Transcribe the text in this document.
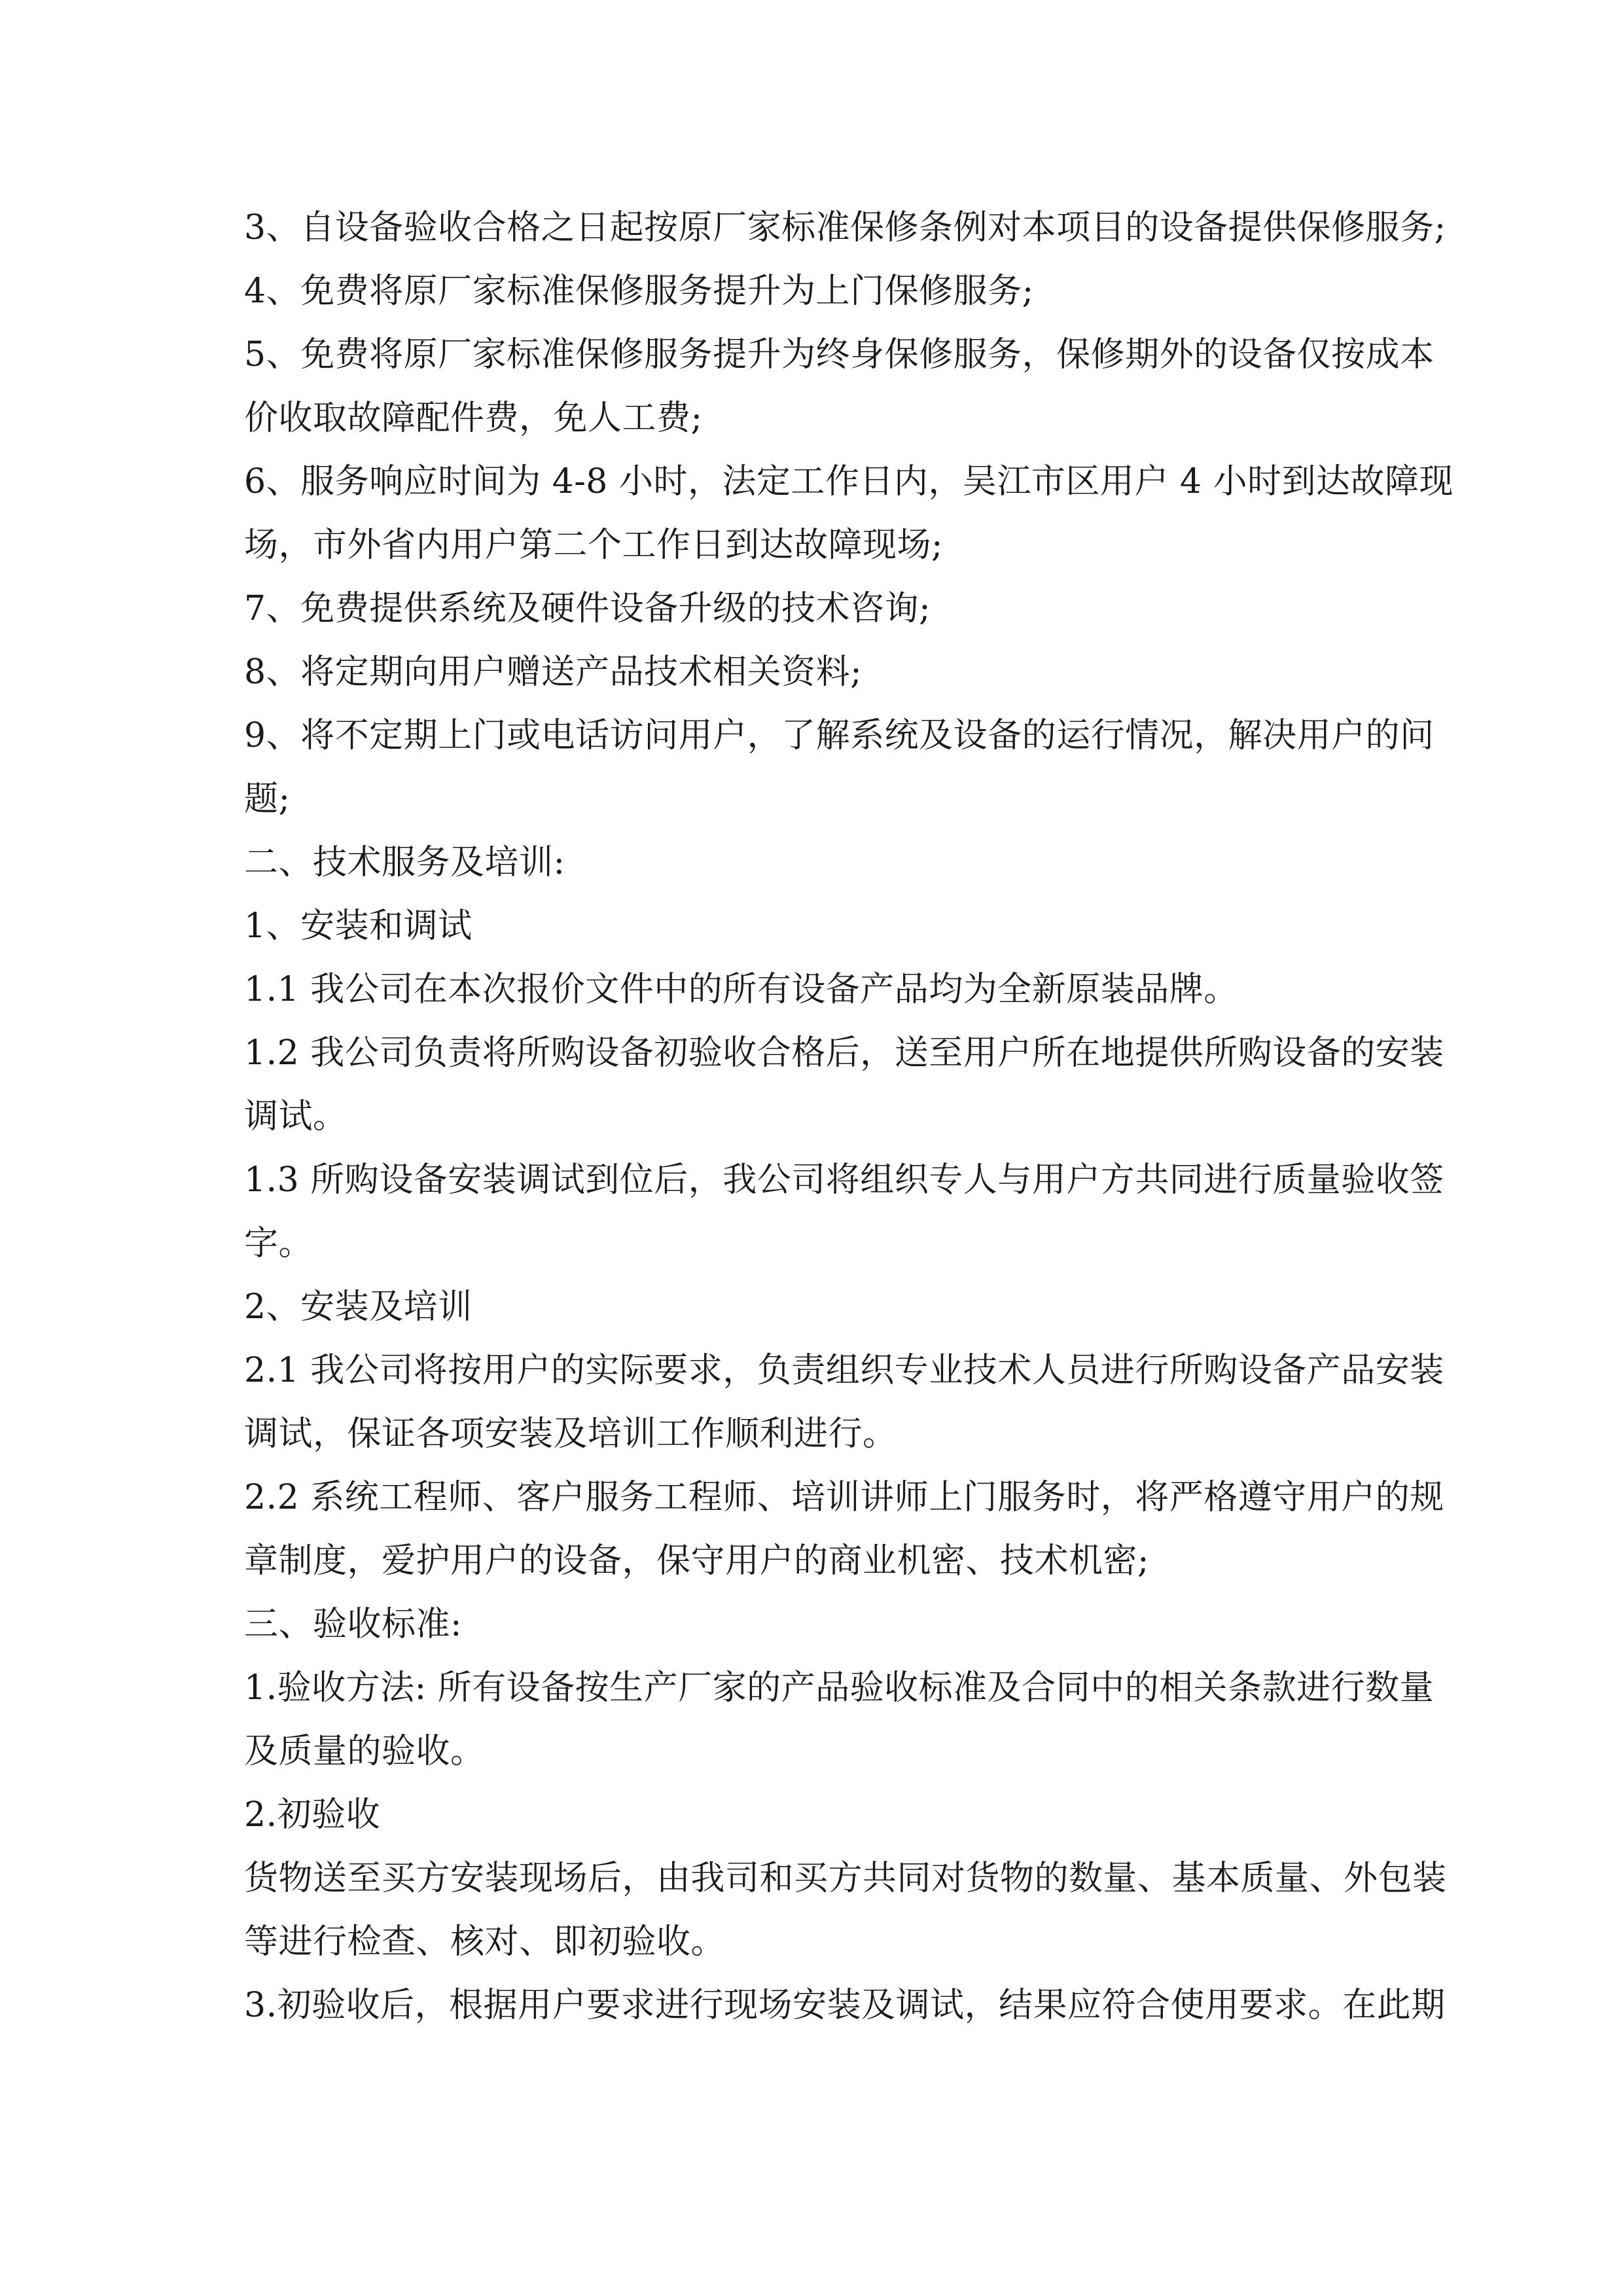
3、自设备验收合格之日起按原厂家标准保修条例对本项目的设备提供保修服务;
4、免费将原厂家标准保修服务提升为上门保修服务;
5、免费将原厂家标准保修服务提升为终身保修服务，保修期外的设备仅按成本
价收取故障配件费，免人工费;
6、服务响应时间为 4-8 小时，法定工作日内，吴江市区用户 4 小时到达故障现
场，市外省内用户第二个工作日到达故障现场;
7、免费提供系统及硬件设备升级的技术咨询;
8、将定期向用户赠送产品技术相关资料;
9、将不定期上门或电话访问用户，了解系统及设备的运行情况，解决用户的问
题;
二、技术服务及培训:
1、安装和调试
1.1 我公司在本次报价文件中的所有设备产品均为全新原装品牌。
1.2 我公司负责将所购设备初验收合格后，送至用户所在地提供所购设备的安装
调试。
1.3 所购设备安装调试到位后，我公司将组织专人与用户方共同进行质量验收签
字。
2、安装及培训
2.1 我公司将按用户的实际要求，负责组织专业技术人员进行所购设备产品安装
调试，保证各项安装及培训工作顺利进行。
2.2 系统工程师、客户服务工程师、培训讲师上门服务时，将严格遵守用户的规
章制度，爱护用户的设备，保守用户的商业机密、技术机密;
三、验收标准:
1.验收方法: 所有设备按生产厂家的产品验收标准及合同中的相关条款进行数量
及质量的验收。
2.初验收
货物送至买方安装现场后，由我司和买方共同对货物的数量、基本质量、外包装
等进行检查、核对、即初验收。
3.初验收后，根据用户要求进行现场安装及调试，结果应符合使用要求。在此期
